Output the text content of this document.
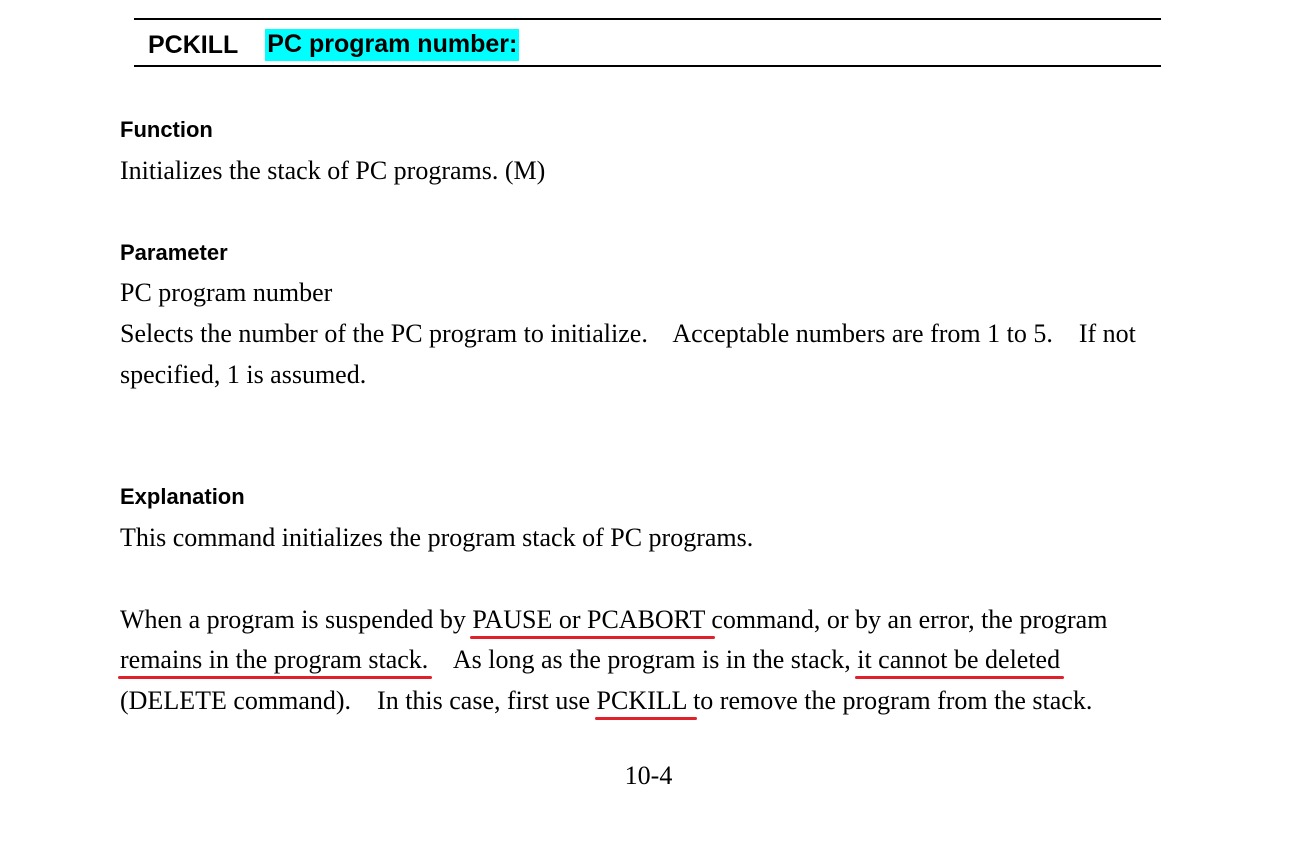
PCKILL PC program number:
Function
Initializes the stack of PC programs. (M)
Parameter
PC program number
Selects the number of the PC program to initialize.    Acceptable numbers are from 1 to 5.    If not
specified, 1 is assumed.
Explanation
This command initializes the program stack of PC programs.
When a program is suspended by PAUSE or PCABORT command, or by an error, the program
remains in the program stack.    As long as the program is in the stack, it cannot be deleted
(DELETE command).    In this case, first use PCKILL to remove the program from the stack.
10-4
